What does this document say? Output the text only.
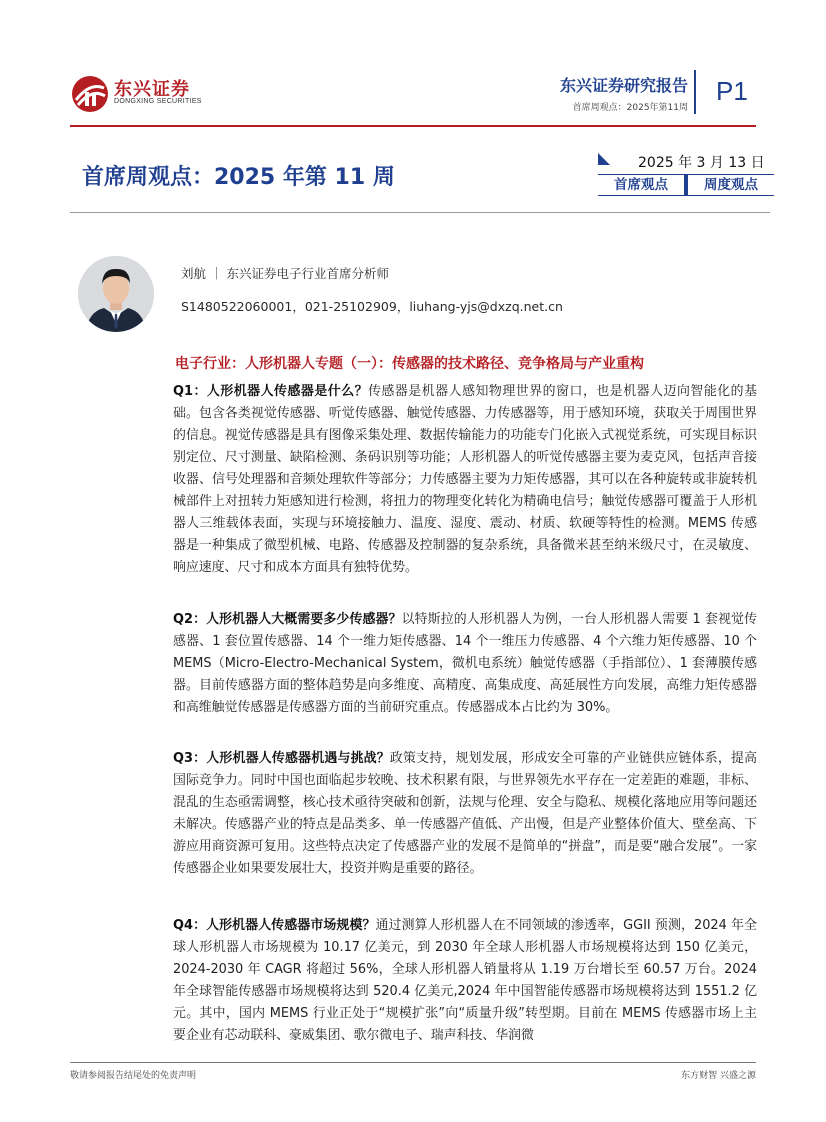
东兴证券
DONGXING SECURITIES
东兴证券研究报告
首席周观点：2025年第11周
P1
首席周观点：2025 年第 11 周
2025 年 3 月 13 日
首席观点	周度观点
刘航 ｜ 东兴证券电子行业首席分析师
S1480522060001，021-25102909，liuhang-yjs@dxzq.net.cn
电子行业：人形机器人专题（一）：传感器的技术路径、竞争格局与产业重构
Q1：人形机器人传感器是什么？传感器是机器人感知物理世界的窗口，也是机器人迈向智能化的基础。包含各类视觉传感器、听觉传感器、触觉传感器、力传感器等，用于感知环境，获取关于周围世界的信息。视觉传感器是具有图像采集处理、数据传输能力的功能专门化嵌入式视觉系统，可实现目标识别定位、尺寸测量、缺陷检测、条码识别等功能；人形机器人的听觉传感器主要为麦克风，包括声音接收器、信号处理器和音频处理软件等部分；力传感器主要为力矩传感器，其可以在各种旋转或非旋转机械部件上对扭转力矩感知进行检测，将扭力的物理变化转化为精确电信号；触觉传感器可覆盖于人形机器人三维载体表面，实现与环境接触力、温度、湿度、震动、材质、软硬等特性的检测。MEMS 传感器是一种集成了微型机械、电路、传感器及控制器的复杂系统，具备微米甚至纳米级尺寸，在灵敏度、响应速度、尺寸和成本方面具有独特优势。
Q2：人形机器人大概需要多少传感器？以特斯拉的人形机器人为例，一台人形机器人需要 1 套视觉传感器、1 套位置传感器、14 个一维力矩传感器、14 个一维压力传感器、4 个六维力矩传感器、10 个 MEMS（Micro-Electro-Mechanical System，微机电系统）触觉传感器（手指部位）、1 套薄膜传感器。目前传感器方面的整体趋势是向多维度、高精度、高集成度、高延展性方向发展，高维力矩传感器和高维触觉传感器是传感器方面的当前研究重点。传感器成本占比约为 30%。
Q3：人形机器人传感器机遇与挑战？政策支持，规划发展，形成安全可靠的产业链供应链体系，提高国际竞争力。同时中国也面临起步较晚、技术积累有限，与世界领先水平存在一定差距的难题，非标、混乱的生态亟需调整，核心技术亟待突破和创新，法规与伦理、安全与隐私、规模化落地应用等问题还未解决。传感器产业的特点是品类多、单一传感器产值低、产出慢，但是产业整体价值大、壁垒高、下游应用商资源可复用。这些特点决定了传感器产业的发展不是简单的“拼盘”，而是要“融合发展”。一家传感器企业如果要发展壮大，投资并购是重要的路径。
Q4：人形机器人传感器市场规模？通过测算人形机器人在不同领域的渗透率，GGII 预测，2024 年全球人形机器人市场规模为 10.17 亿美元，到 2030 年全球人形机器人市场规模将达到 150 亿美元，2024-2030 年 CAGR 将超过 56%，全球人形机器人销量将从 1.19 万台增长至 60.57 万台。2024 年全球智能传感器市场规模将达到 520.4 亿美元,2024 年中国智能传感器市场规模将达到 1551.2 亿元。其中，国内 MEMS 行业正处于“规模扩张”向“质量升级”转型期。目前在 MEMS 传感器市场上主要企业有芯动联科、豪威集团、歌尔微电子、瑞声科技、华润微
敬请参阅报告结尾处的免责声明	东方财智 兴盛之源
